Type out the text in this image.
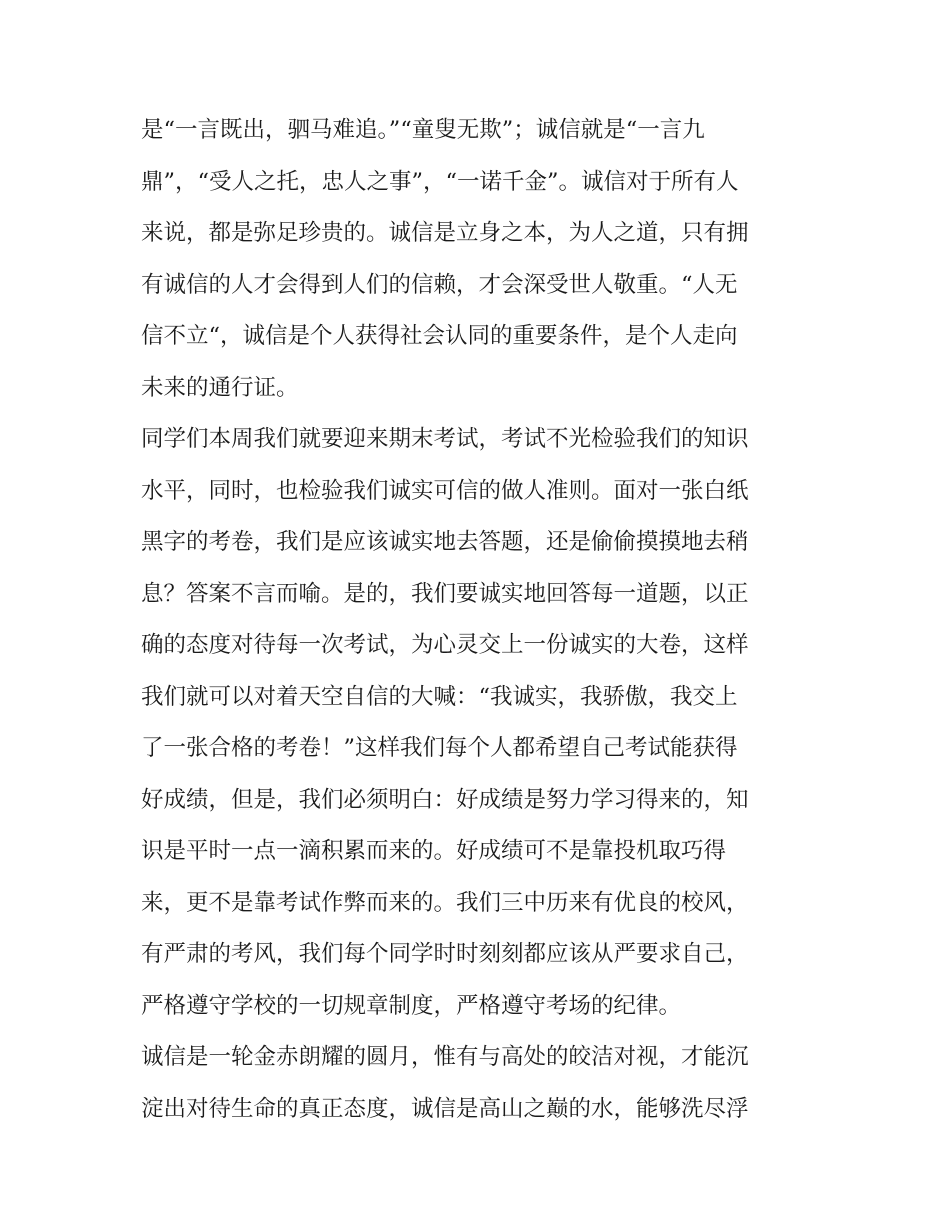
是“一言既出，驷马难追。”“童叟无欺”；诚信就是“一言九
鼎”，“受人之托，忠人之事”，“一诺千金”。诚信对于所有人
来说，都是弥足珍贵的。诚信是立身之本，为人之道，只有拥
有诚信的人才会得到人们的信赖，才会深受世人敬重。“人无
信不立“，诚信是个人获得社会认同的重要条件，是个人走向
未来的通行证。
同学们本周我们就要迎来期末考试，考试不光检验我们的知识
水平，同时，也检验我们诚实可信的做人准则。面对一张白纸
黑字的考卷，我们是应该诚实地去答题，还是偷偷摸摸地去稍
息？答案不言而喻。是的，我们要诚实地回答每一道题，以正
确的态度对待每一次考试，为心灵交上一份诚实的大卷，这样
我们就可以对着天空自信的大喊：“我诚实，我骄傲，我交上
了一张合格的考卷！”这样我们每个人都希望自己考试能获得
好成绩，但是，我们必须明白：好成绩是努力学习得来的，知
识是平时一点一滴积累而来的。好成绩可不是靠投机取巧得
来，更不是靠考试作弊而来的。我们三中历来有优良的校风，
有严肃的考风，我们每个同学时时刻刻都应该从严要求自己，
严格遵守学校的一切规章制度，严格遵守考场的纪律。
诚信是一轮金赤朗耀的圆月，惟有与高处的皎洁对视，才能沉
淀出对待生命的真正态度，诚信是高山之巅的水，能够洗尽浮
